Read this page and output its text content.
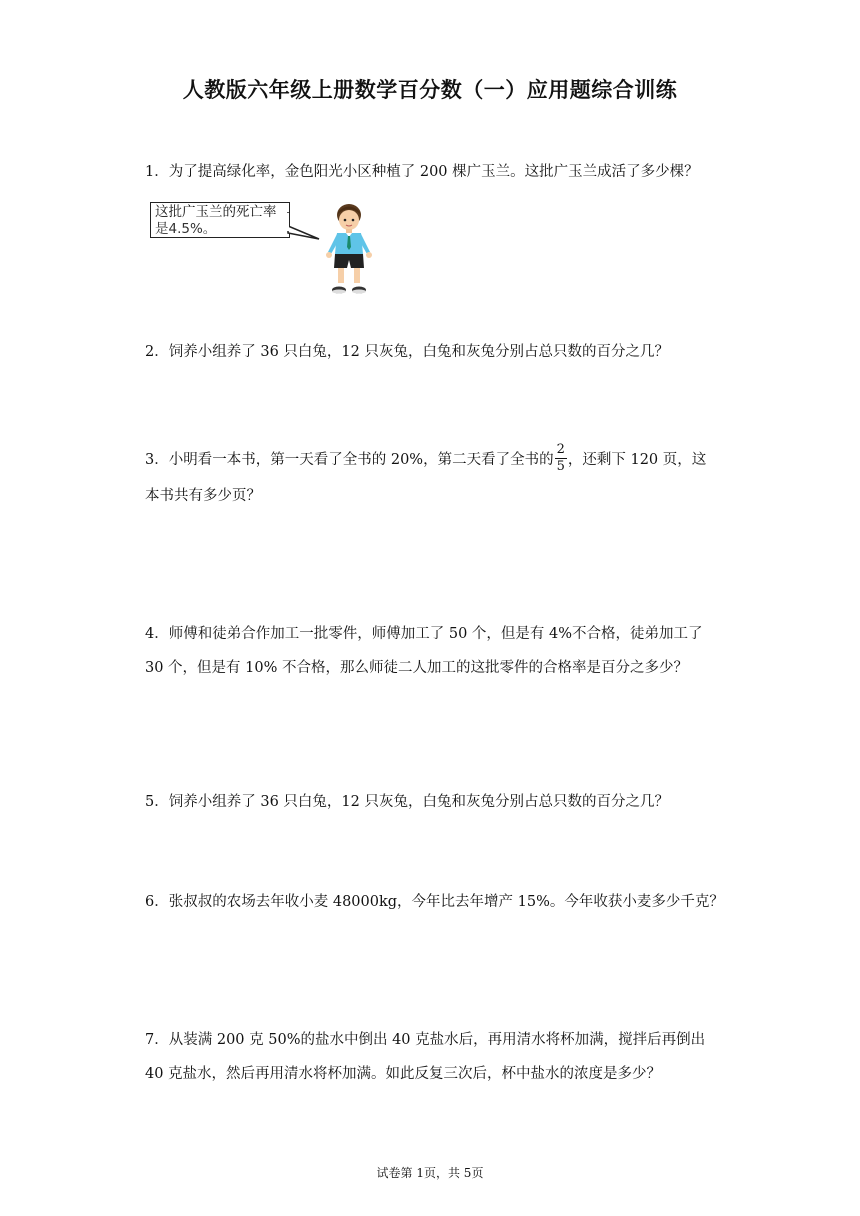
人教版六年级上册数学百分数（一）应用题综合训练
1．为了提高绿化率，金色阳光小区种植了 200 棵广玉兰。这批广玉兰成活了多少棵？
这批广玉兰的死亡率
是4.5%。
2．饲养小组养了 36 只白兔，12 只灰兔，白兔和灰兔分别占总只数的百分之几？
3．小明看一本书，第一天看了全书的 20%，第二天看了全书的 $\frac{2}{5}$ ，还剩下 120 页，这
本书共有多少页？
4．师傅和徒弟合作加工一批零件，师傅加工了 50 个，但是有 4%不合格，徒弟加工了
30 个，但是有 10% 不合格，那么师徒二人加工的这批零件的合格率是百分之多少？
5．饲养小组养了 36 只白兔，12 只灰兔，白兔和灰兔分别占总只数的百分之几？
6．张叔叔的农场去年收小麦 48000kg，今年比去年增产 15%。今年收获小麦多少千克？
7．从装满 200 克 50%的盐水中倒出 40 克盐水后，再用清水将杯加满，搅拌后再倒出
40 克盐水，然后再用清水将杯加满。如此反复三次后，杯中盐水的浓度是多少？
试卷第 1页，共 5页
